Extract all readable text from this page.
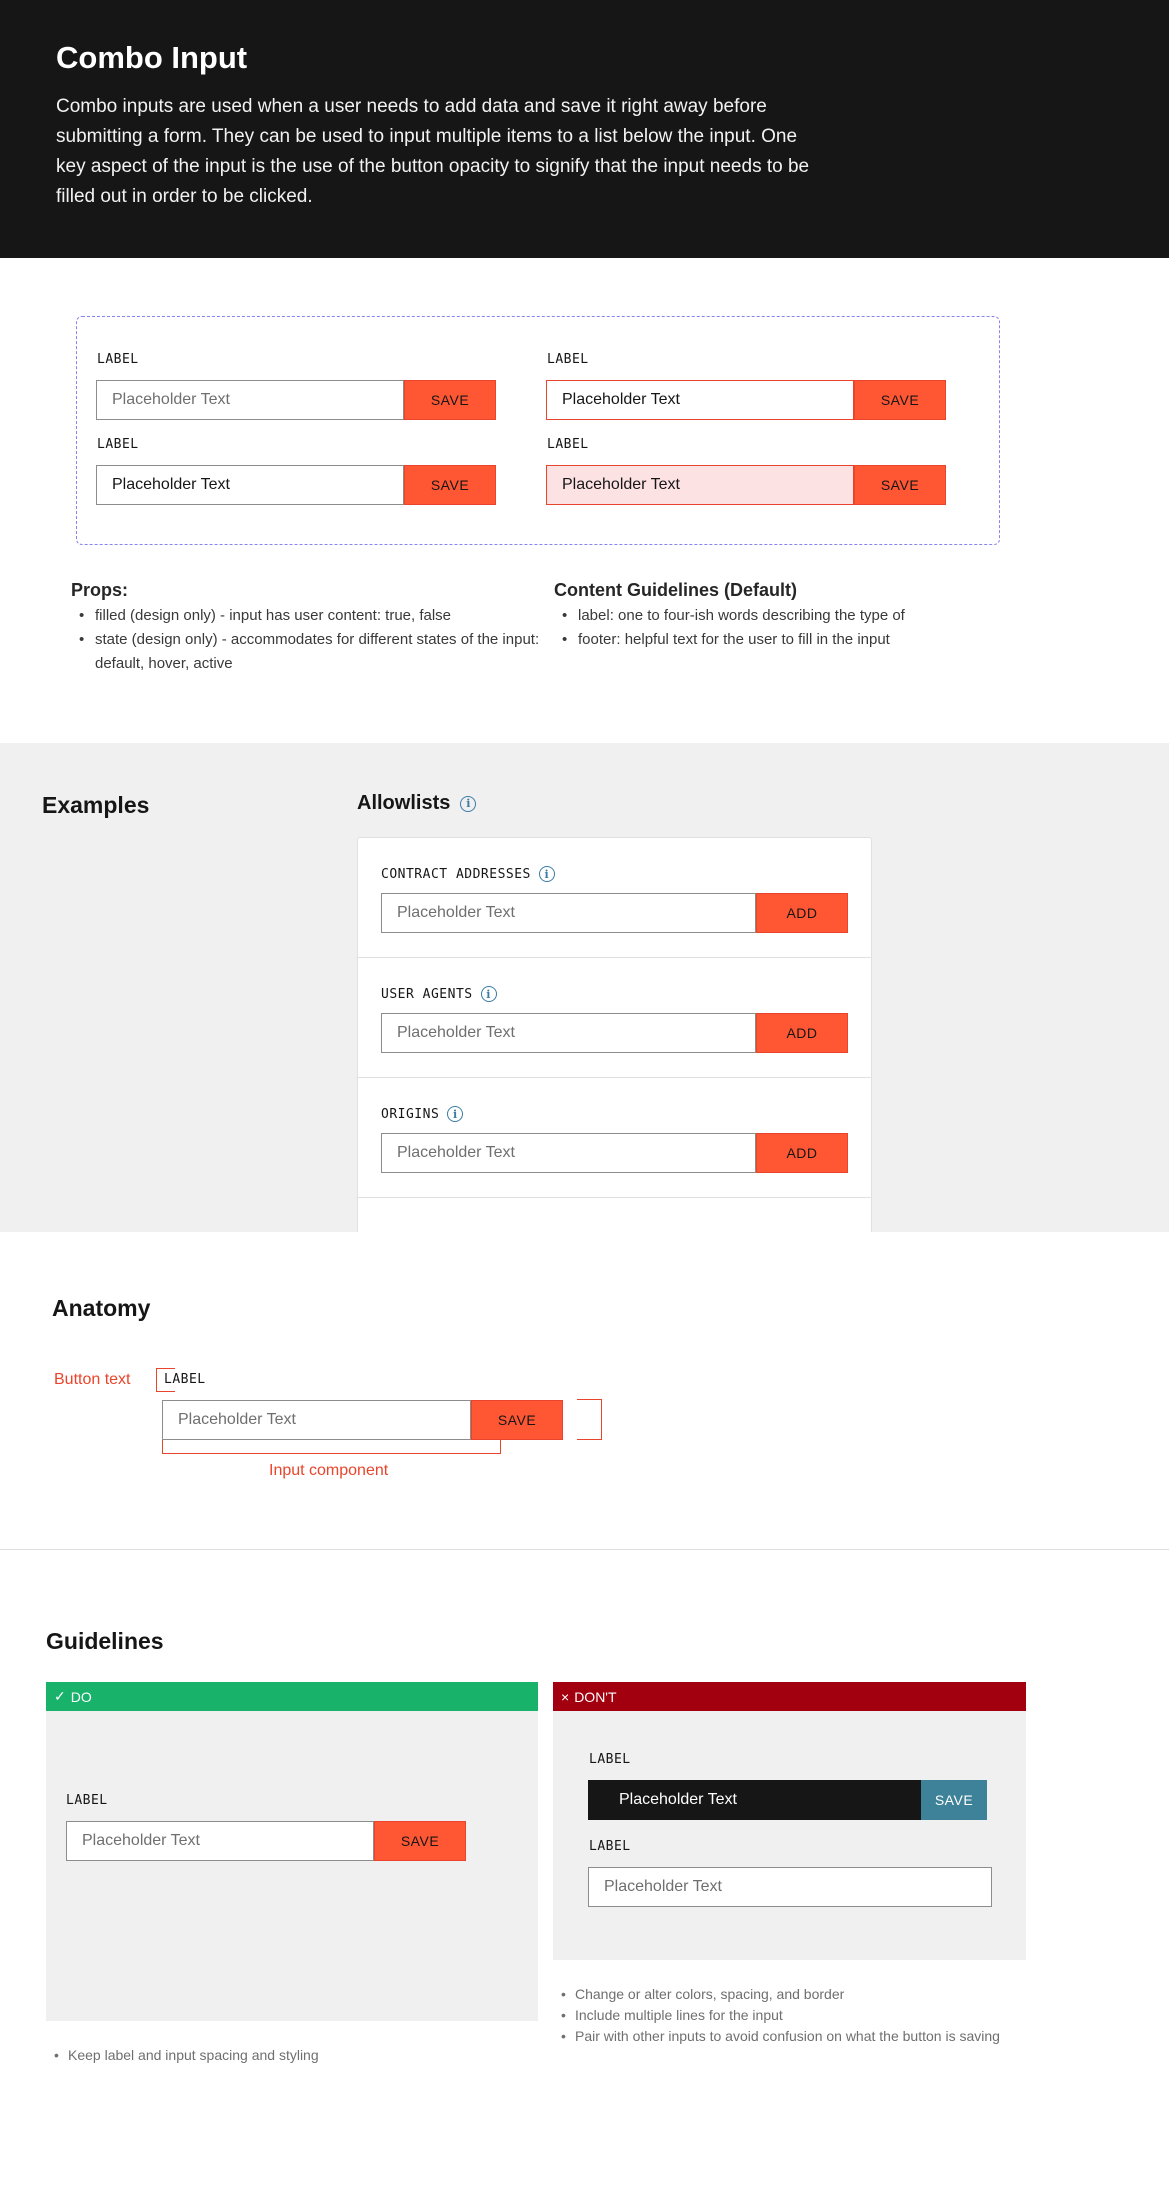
Combo Input
Combo inputs are used when a user needs to add data and save it right away before submitting a form. They can be used to input multiple items to a list below the input. One key aspect of the input is the use of the button opacity to signify that the input needs to be filled out in order to be clicked.
LABEL
Placeholder Text	SAVE
LABEL
Placeholder Text	SAVE
LABEL
Placeholder Text	SAVE
LABEL
Placeholder Text	SAVE
Props:
• filled (design only) - input has user content: true, false
• state (design only) - accommodates for different states of the input: default, hover, active
Content Guidelines (Default)
• label: one to four-ish words describing the type of
• footer: helpful text for the user to fill in the input
Examples	Allowlists	i
CONTRACT ADDRESSES	i
Placeholder Text	ADD
USER AGENTS	i
Placeholder Text	ADD
ORIGINS	i
Placeholder Text	ADD
Anatomy
Button text	LABEL
Placeholder Text	SAVE
Input component
Guidelines
✓ DO
LABEL
Placeholder Text	SAVE
• Keep label and input spacing and styling
× DON'T
LABEL
Placeholder Text	SAVE
LABEL
Placeholder Text
• Change or alter colors, spacing, and border
• Include multiple lines for the input
• Pair with other inputs to avoid confusion on what the button is saving
